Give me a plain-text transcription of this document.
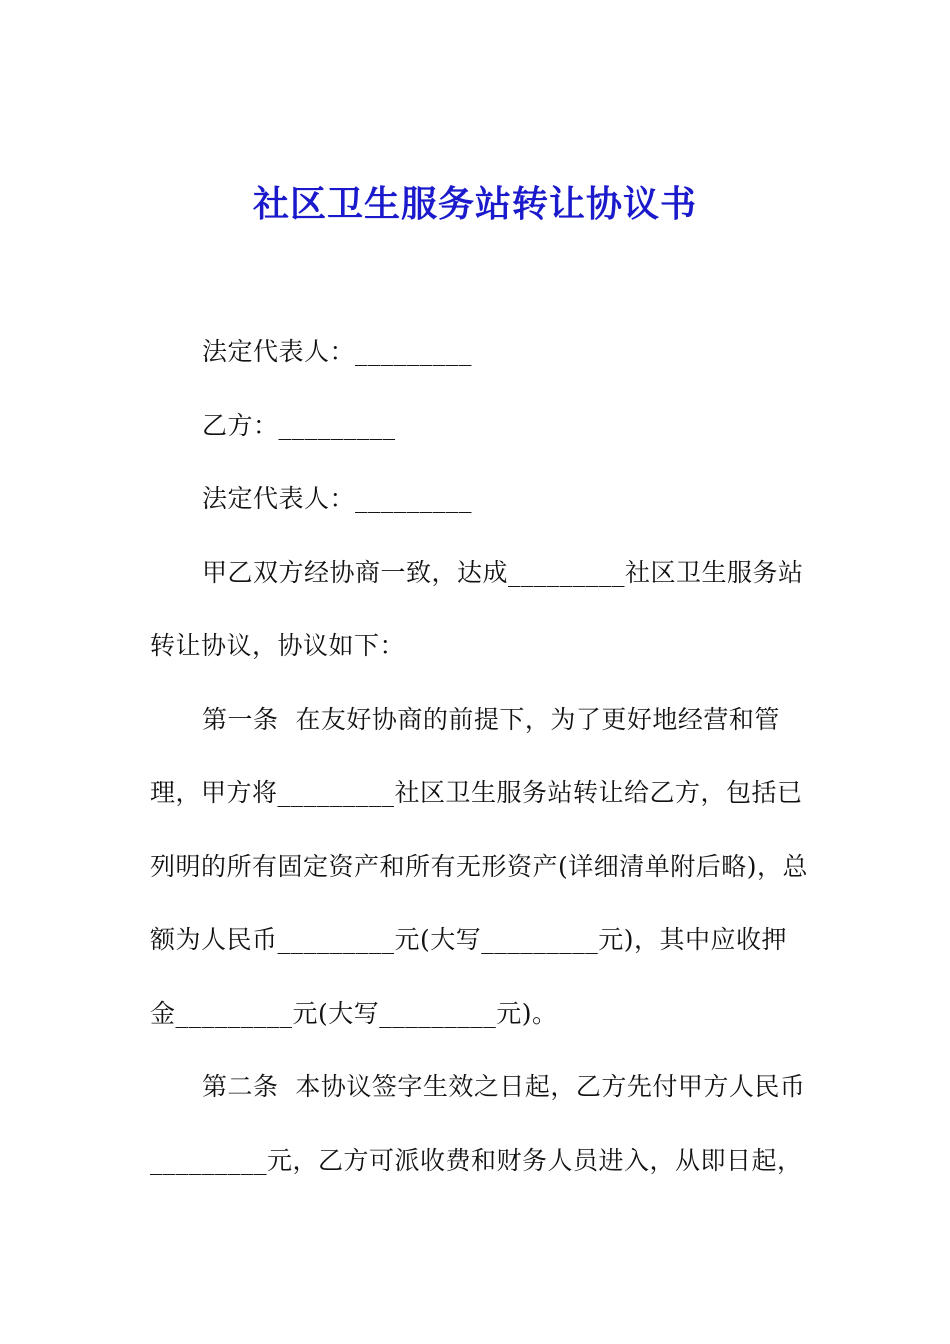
社区卫生服务站转让协议书

法定代表人：_________

乙方：_________

法定代表人：_________

甲乙双方经协商一致，达成_________社区卫生服务站转让协议，协议如下：

第一条  在友好协商的前提下，为了更好地经营和管理，甲方将_________社区卫生服务站转让给乙方，包括已列明的所有固定资产和所有无形资产(详细清单附后略)，总额为人民币_________元(大写_________元)，其中应收押金_________元(大写_________元)。

第二条  本协议签字生效之日起，乙方先付甲方人民币_________元，乙方可派收费和财务人员进入，从即日起，
